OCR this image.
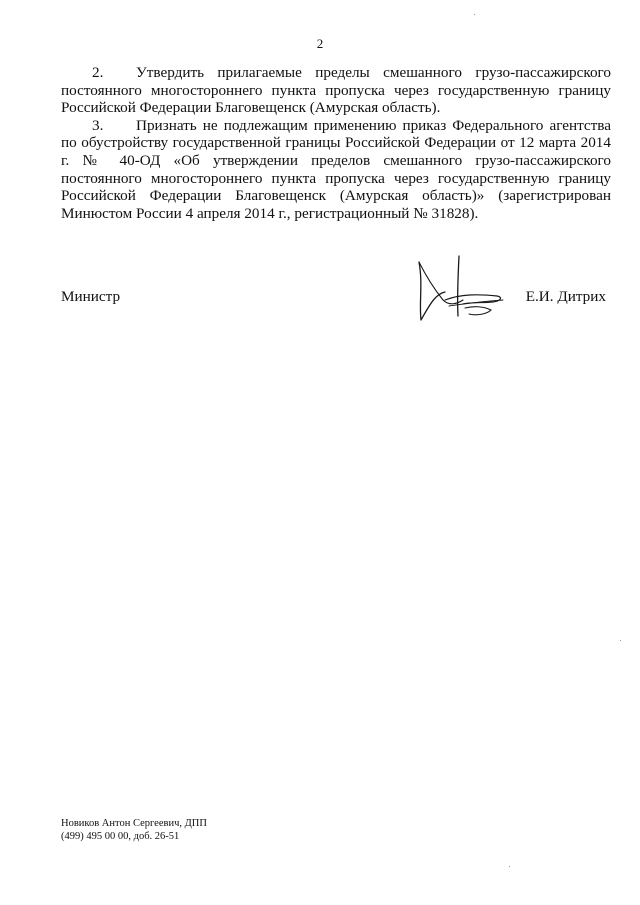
2

2. Утвердить прилагаемые пределы смешанного грузо-пассажирского постоянного многостороннего пункта пропуска через государственную границу Российской Федерации Благовещенск (Амурская область).

3. Признать не подлежащим применению приказ Федерального агентства по обустройству государственной границы Российской Федерации от 12 марта 2014 г. № 40-ОД «Об утверждении пределов смешанного грузо-пассажирского постоянного многостороннего пункта пропуска через государственную границу Российской Федерации Благовещенск (Амурская область)» (зарегистрирован Минюстом России 4 апреля 2014 г., регистрационный № 31828).

Министр	Е.И. Дитрих
Новиков Антон Сергеевич, ДПП
(499) 495 00 00, доб. 26-51
